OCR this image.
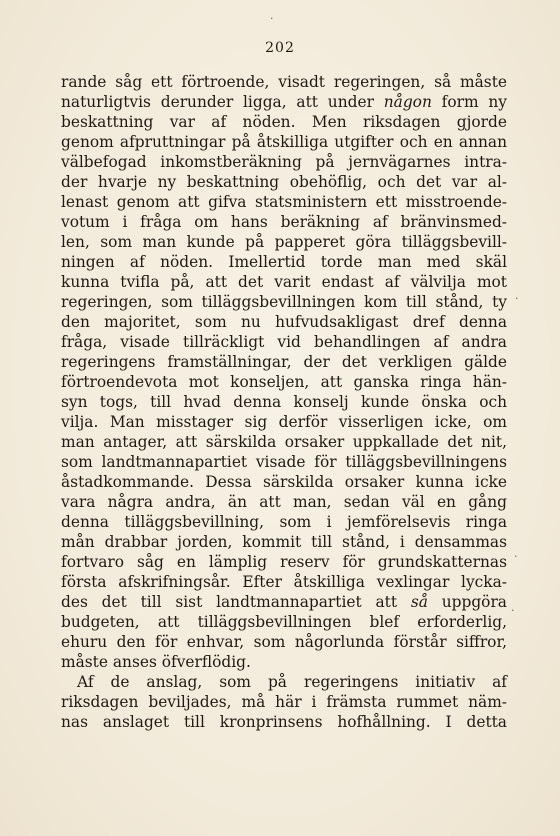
·
202
rande såg ett förtroende, visadt regeringen, så måste
naturligtvis derunder ligga, att under någon form ny
beskattning var af nöden. Men riksdagen gjorde
genom afpruttningar på åtskilliga utgifter och en annan
välbefogad inkomstberäkning på jernvägarnes intra-
der hvarje ny beskattning obehöflig, och det var al-
lenast genom att gifva statsministern ett misstroende-
votum i fråga om hans beräkning af bränvinsmed-
len, som man kunde på papperet göra tilläggsbevill-
ningen af nöden. Imellertid torde man med skäl
kunna tvifla på, att det varit endast af välvilja mot
regeringen, som tilläggsbevillningen kom till stånd, ty
den majoritet, som nu hufvudsakligast dref denna
fråga, visade tillräckligt vid behandlingen af andra
regeringens framställningar, der det verkligen gälde
förtroendevota mot konseljen, att ganska ringa hän-
syn togs, till hvad denna konselj kunde önska och
vilja. Man misstager sig derför visserligen icke, om
man antager, att särskilda orsaker uppkallade det nit,
som landtmannapartiet visade för tilläggsbevillningens
åstadkommande. Dessa särskilda orsaker kunna icke
vara några andra, än att man, sedan väl en gång
denna tilläggsbevillning, som i jemförelsevis ringa
mån drabbar jorden, kommit till stånd, i densammas
fortvaro såg en lämplig reserv för grundskatternas
första afskrifningsår. Efter åtskilliga vexlingar lycka-
des det till sist landtmannapartiet att så uppgöra
budgeten, att tilläggsbevillningen blef erforderlig,
ehuru den för enhvar, som någorlunda förstår siffror,
måste anses öfverflödig.
Af de anslag, som på regeringens initiativ af
riksdagen beviljades, må här i främsta rummet näm-
nas anslaget till kronprinsens hofhållning. I detta
·
·
·
